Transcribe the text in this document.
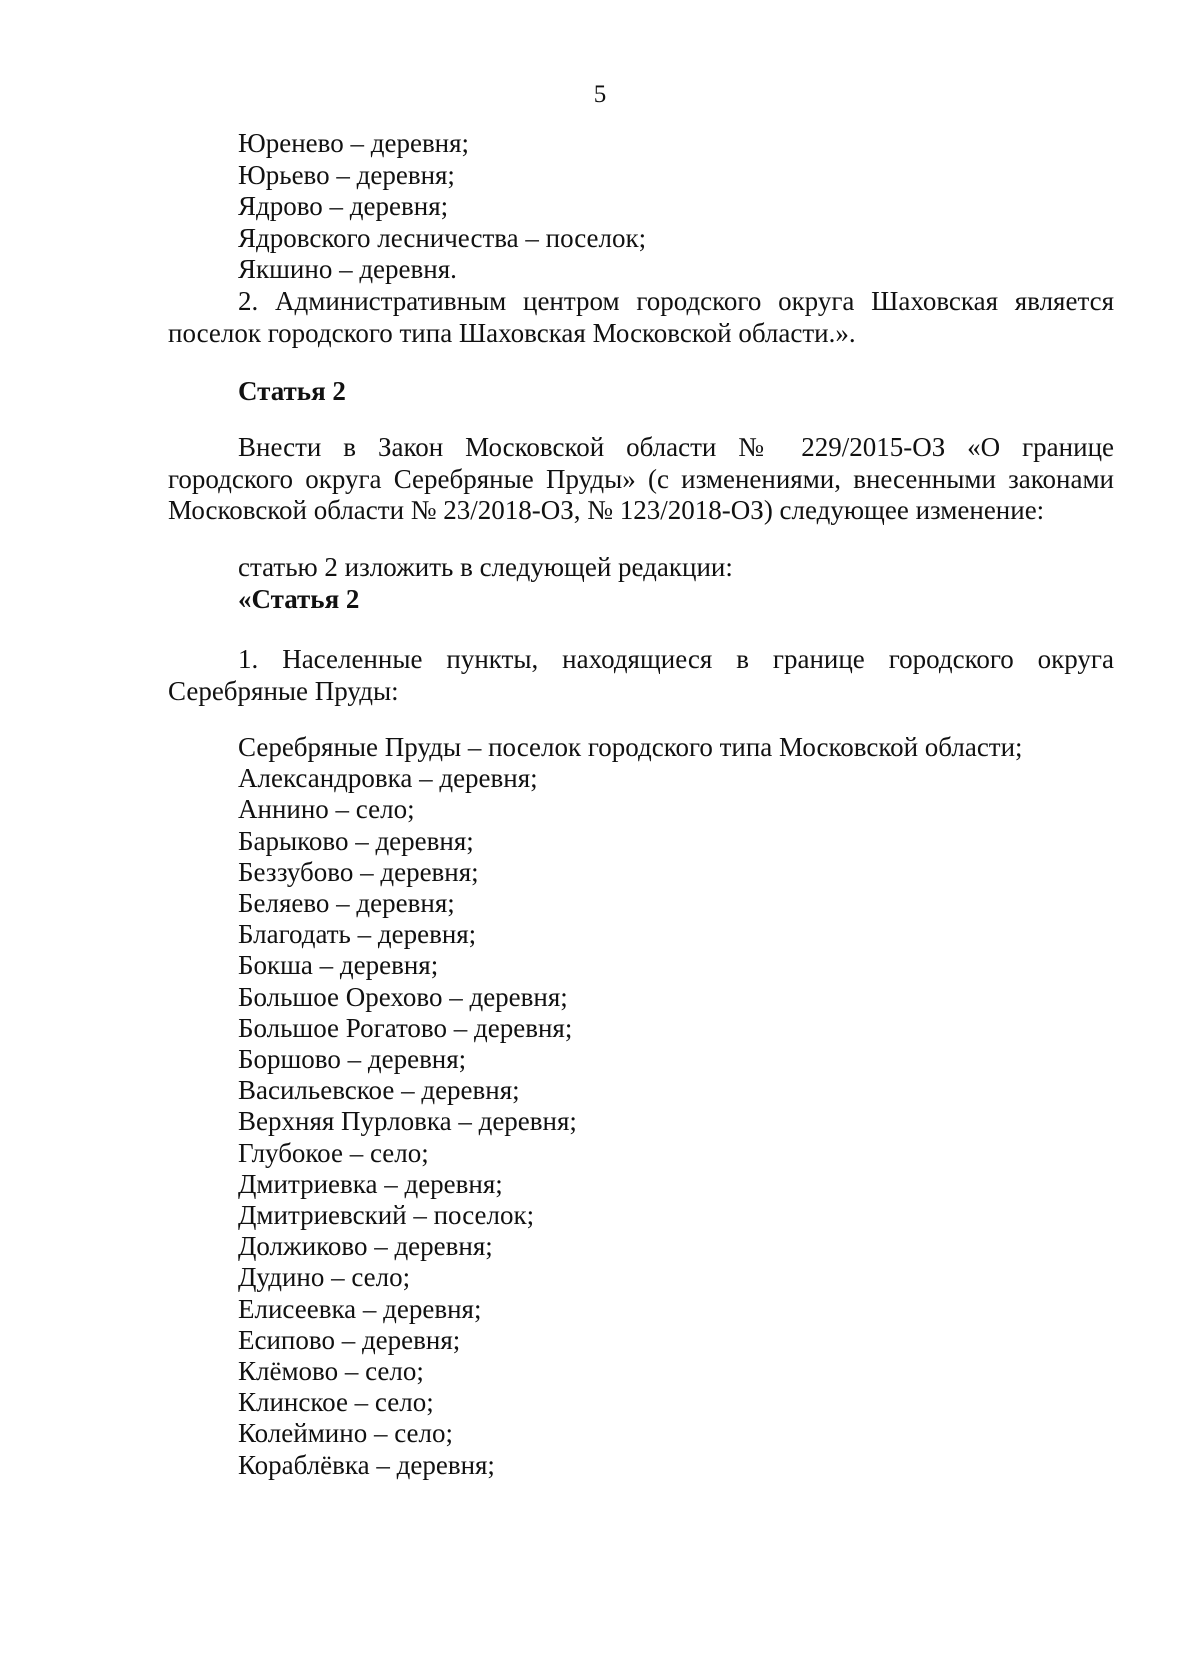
5
Юренево – деревня;
Юрьево – деревня;
Ядрово – деревня;
Ядровского лесничества – поселок;
Якшино – деревня.
2. Административным центром городского округа Шаховская является
поселок городского типа Шаховская Московской области.».
Статья 2
Внести в Закон Московской области № 229/2015-ОЗ «О границе
городского округа Серебряные Пруды» (с изменениями, внесенными законами
Московской области № 23/2018-ОЗ, № 123/2018-ОЗ) следующее изменение:
статью 2 изложить в следующей редакции:
«Статья 2
1. Населенные пункты, находящиеся в границе городского округа
Серебряные Пруды:
Серебряные Пруды – поселок городского типа Московской области;
Александровка – деревня;
Аннино – село;
Барыково – деревня;
Беззубово – деревня;
Беляево – деревня;
Благодать – деревня;
Бокша – деревня;
Большое Орехово – деревня;
Большое Рогатово – деревня;
Боршово – деревня;
Васильевское – деревня;
Верхняя Пурловка – деревня;
Глубокое – село;
Дмитриевка – деревня;
Дмитриевский – поселок;
Должиково – деревня;
Дудино – село;
Елисеевка – деревня;
Есипово – деревня;
Клёмово – село;
Клинское – село;
Колеймино – село;
Кораблёвка – деревня;
